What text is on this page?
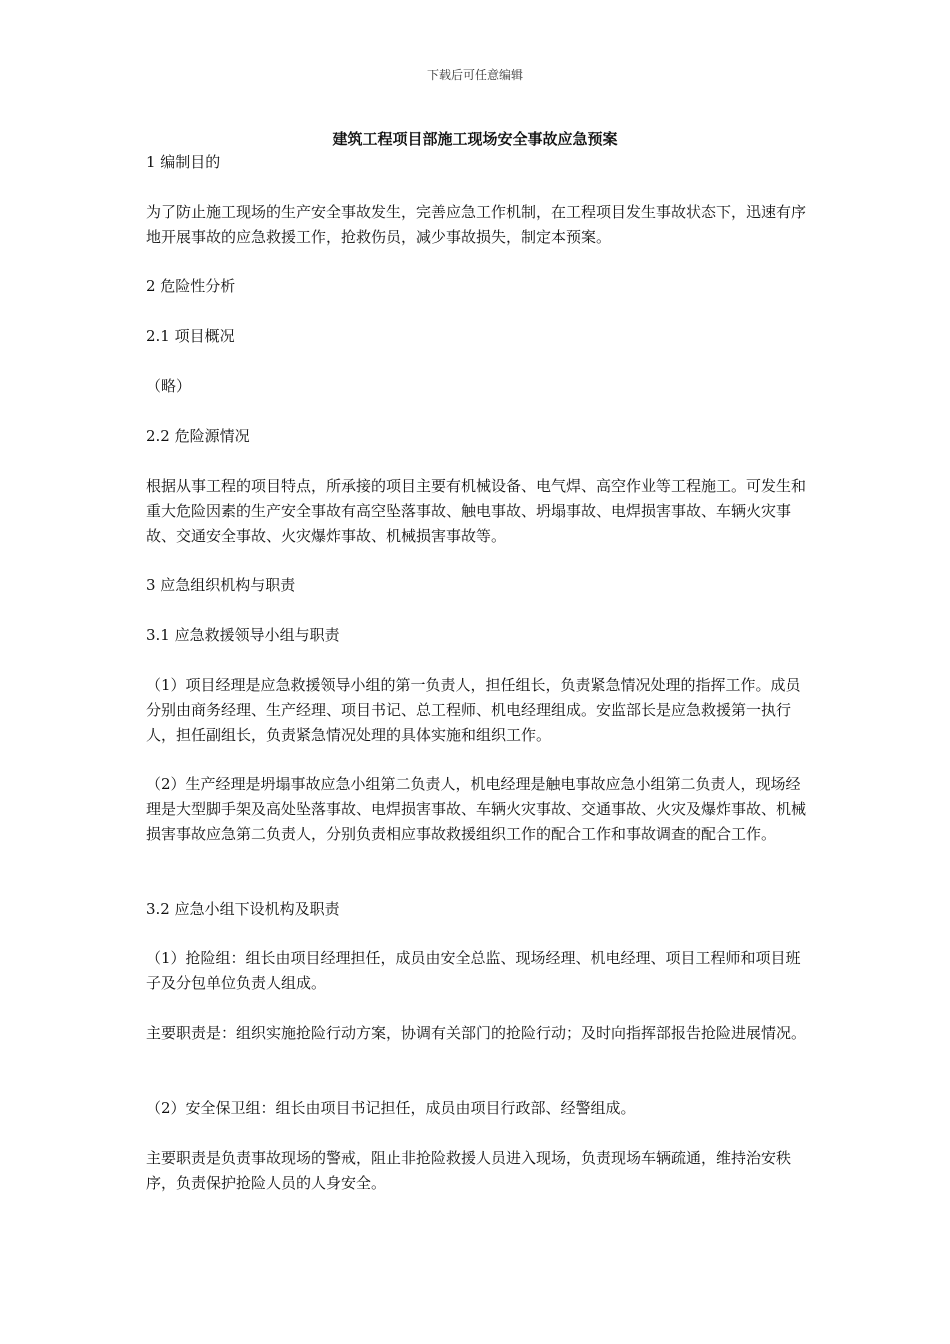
下载后可任意编辑
建筑工程项目部施工现场安全事故应急预案
1 编制目的
为了防止施工现场的生产安全事故发生，完善应急工作机制，在工程项目发生事故状态下，迅速有序地开展事故的应急救援工作，抢救伤员，减少事故损失，制定本预案。
2 危险性分析
2.1 项目概况
（略）
2.2 危险源情况
根据从事工程的项目特点，所承接的项目主要有机械设备、电气焊、高空作业等工程施工。可发生和重大危险因素的生产安全事故有高空坠落事故、触电事故、坍塌事故、电焊损害事故、车辆火灾事故、交通安全事故、火灾爆炸事故、机械损害事故等。
3 应急组织机构与职责
3.1 应急救援领导小组与职责
（1）项目经理是应急救援领导小组的第一负责人，担任组长，负责紧急情况处理的指挥工作。成员分别由商务经理、生产经理、项目书记、总工程师、机电经理组成。安监部长是应急救援第一执行人，担任副组长，负责紧急情况处理的具体实施和组织工作。
（2）生产经理是坍塌事故应急小组第二负责人，机电经理是触电事故应急小组第二负责人，现场经理是大型脚手架及高处坠落事故、电焊损害事故、车辆火灾事故、交通事故、火灾及爆炸事故、机械损害事故应急第二负责人，分别负责相应事故救援组织工作的配合工作和事故调查的配合工作。
3.2 应急小组下设机构及职责
（1）抢险组：组长由项目经理担任，成员由安全总监、现场经理、机电经理、项目工程师和项目班子及分包单位负责人组成。
主要职责是：组织实施抢险行动方案，协调有关部门的抢险行动；及时向指挥部报告抢险进展情况。
（2）安全保卫组：组长由项目书记担任，成员由项目行政部、经警组成。
主要职责是负责事故现场的警戒，阻止非抢险救援人员进入现场，负责现场车辆疏通，维持治安秩序，负责保护抢险人员的人身安全。
